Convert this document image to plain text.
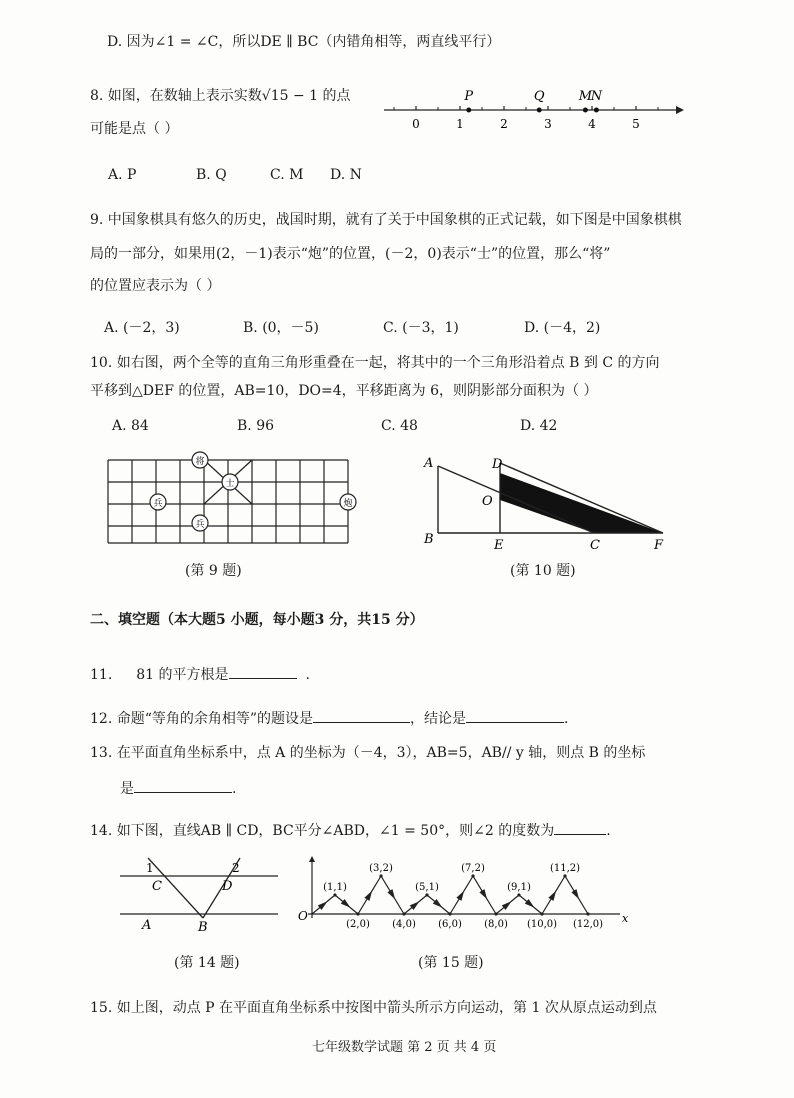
D. 因为∠1 = ∠C，所以DE ∥ BC（内错角相等，两直线平行）
8. 如图，在数轴上表示实数√15 − 1 的点
可能是点（ ）	0	1	2	3	4	5
P	Q	M
N
A. P	B. Q	C. M D. N
9. 中国象棋具有悠久的历史，战国时期，就有了关于中国象棋的正式记载，如下图是中国象棋棋
局的一部分，如果用(2，－1)表示“炮”的位置，(－2，0)表示“士”的位置，那么“将”
的位置应表示为（ ）
A. (－2，3)	B. (0，－5)	C. (－3，1)	D. (－4，2)
10. 如右图，两个全等的直角三角形重叠在一起，将其中的一个三角形沿着点 B 到 C 的方向
平移到△DEF 的位置，AB=10，DO=4，平移距离为 6，则阴影部分面积为（ ）
A. 84	B. 96	C. 48	D. 42
将
士
兵
兵
炮
(第 9 题)
A
B
D
O
E	C	F
(第 10 题)
二、填空题（本大题5 小题，每小题3 分，共15 分）
11. 81 的平方根是	.
12. 命题“等角的余角相等”的题设是	，结论是	.
13. 在平面直角坐标系中，点 A 的坐标为（－4，3），AB=5，AB// y 轴，则点 B 的坐标
是	.
14. 如下图，直线AB ∥ CD，BC平分∠ABD，∠1 = 50°，则∠2 的度数为	.
1	2
C	D
A	B
(第 14 题)
O	x
(1,1)
(2,0)
(3,2)
(4,0)
(5,1)
(6,0)
(7,2)
(8,0)
(9,1)
(10,0)
(11,2)
(12,0)
(第 15 题)
15. 如上图，动点 P 在平面直角坐标系中按图中箭头所示方向运动，第 1 次从原点运动到点
七年级数学试题 第 2 页 共 4 页
